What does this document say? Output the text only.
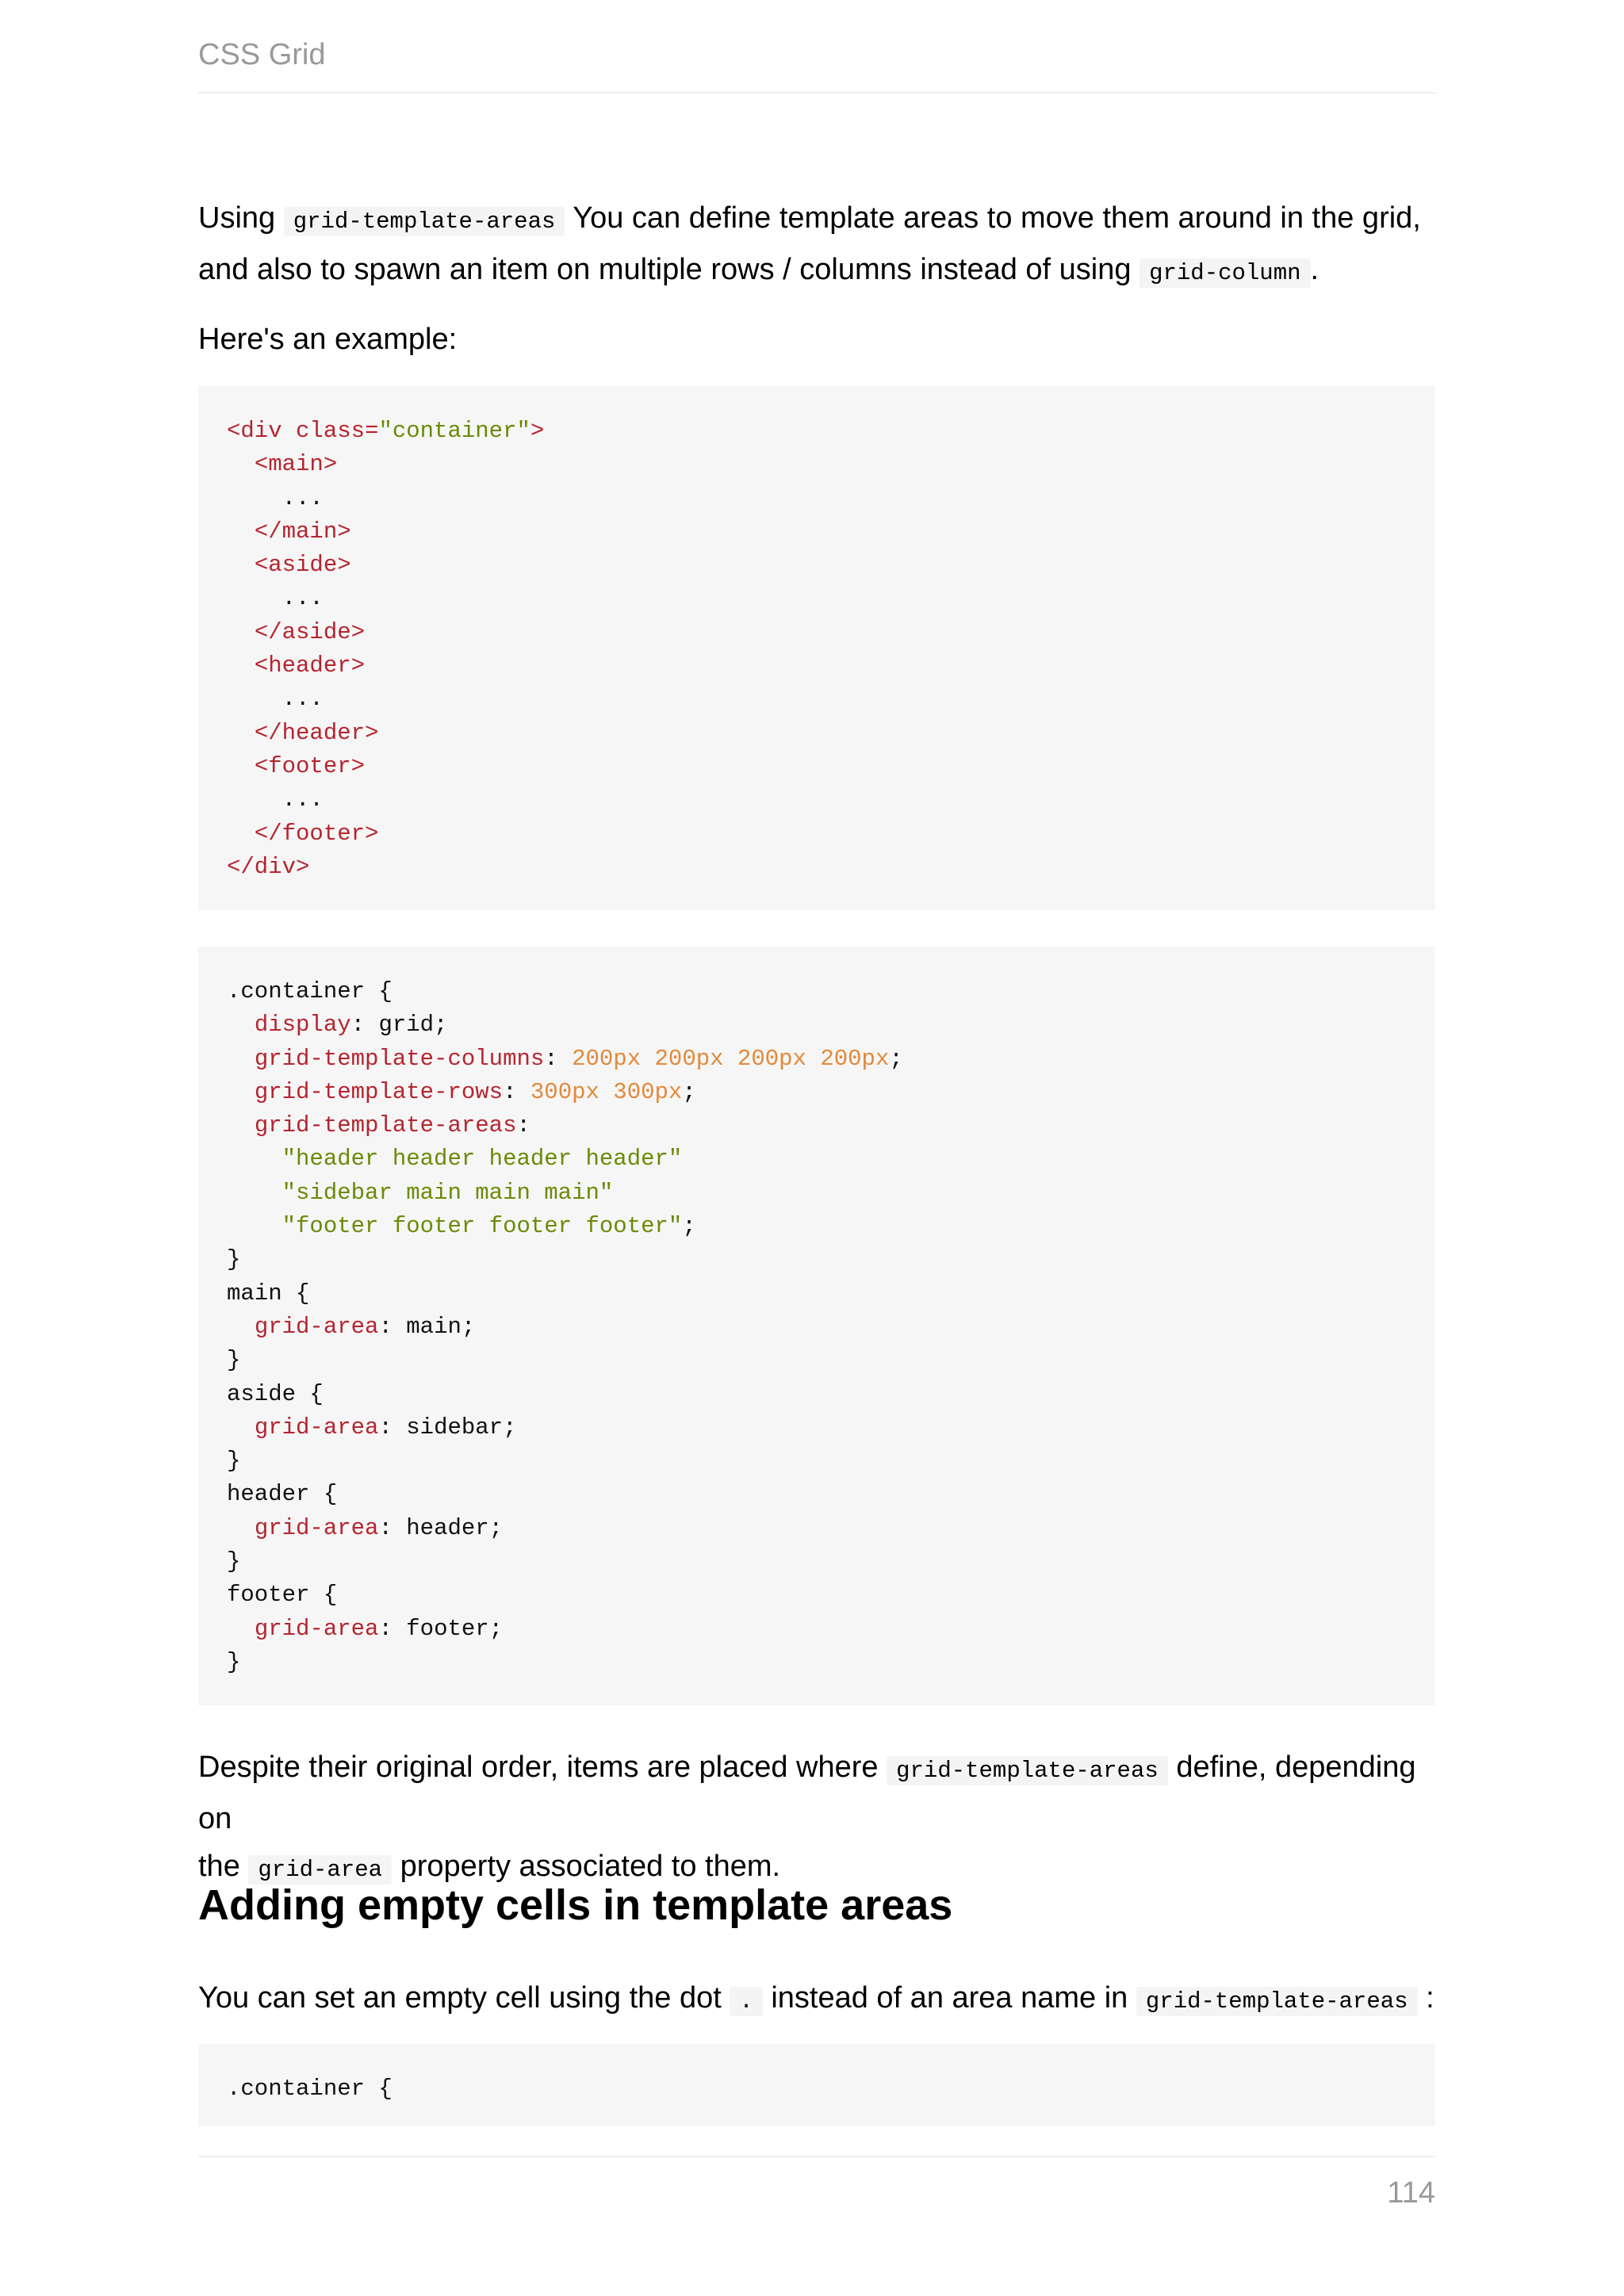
CSS Grid

Using grid-template-areas You can define template areas to move them around in the grid,
and also to spawn an item on multiple rows / columns instead of using grid-column .

Here's an example:

<div class="container">
<main>
...
</main>
<aside>
...
</aside>
<header>
...
</header>
<footer>
...
</footer>
</div>
.container {
display: grid;
grid-template-columns: 200px 200px 200px 200px;
grid-template-rows: 300px 300px;
grid-template-areas:
"header header header header"
"sidebar main main main"
"footer footer footer footer";
}
main {
grid-area: main;
}
aside {
grid-area: sidebar;
}
header {
grid-area: header;
}
footer {
grid-area: footer;
}

Despite their original order, items are placed where grid-template-areas define, depending on
the grid-area property associated to them.

Adding empty cells in template areas

You can set an empty cell using the dot . instead of an area name in grid-template-areas :

.container {
114
